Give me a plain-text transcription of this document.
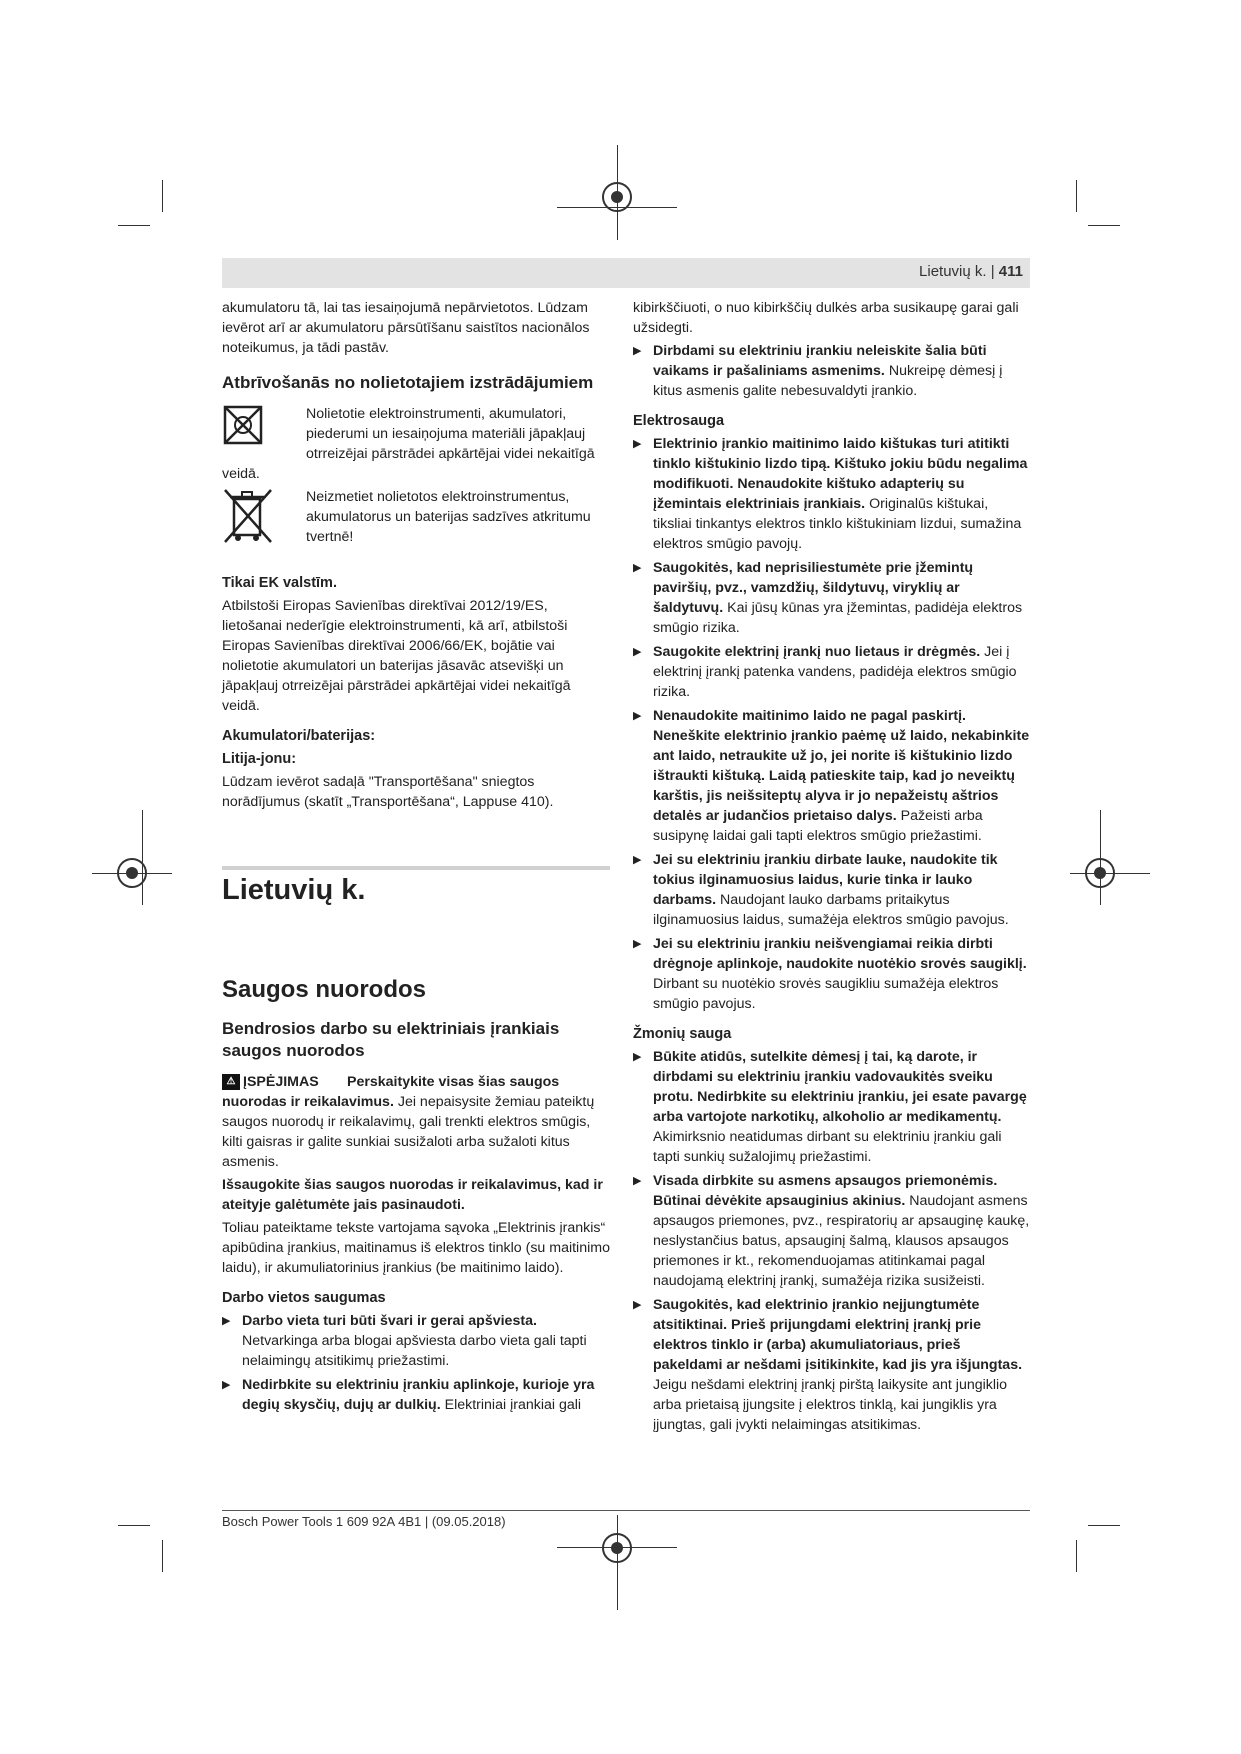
Lietuvių k. | 411

akumulatoru tā, lai tas iesaiņojumā nepārvietotos. Lūdzam ievērot arī ar akumulatoru pārsūtīšanu saistītos nacionālos noteikumus, ja tādi pastāv.

Atbrīvošanās no nolietotajiem izstrādājumiem

Nolietotie elektroinstrumenti, akumulatori, piederumi un iesaiņojuma materiāli jāpakļauj otrreizējai pārstrādei apkārtējai videi nekaitīgā

veidā.

Neizmetiet nolietotos elektroinstrumentus, akumulatorus un baterijas sadzīves atkritumu tvertnē!

Tikai EK valstīm.

Atbilstoši Eiropas Savienības direktīvai 2012/19/ES, lietošanai nederīgie elektroinstrumenti, kā arī, atbilstoši Eiropas Savienības direktīvai 2006/66/EK, bojātie vai nolietotie akumulatori un baterijas jāsavāc atsevišķi un jāpakļauj otrreizējai pārstrādei apkārtējai videi nekaitīgā veidā.

Akumulatori/baterijas:
Litija-jonu:

Lūdzam ievērot sadaļā "Transportēšana" sniegtos norādījumus (skatīt „Transportēšana“, Lappuse 410).

Lietuvių k.
Saugos nuorodos
Bendrosios darbo su elektriniais įrankiais saugos nuorodos

⚠ ĮSPĖJIMAS Perskaitykite visas šias saugos nuorodas ir reikalavimus. Jei nepaisysite žemiau pateiktų saugos nuorodų ir reikalavimų, gali trenkti elektros smūgis, kilti gaisras ir galite sunkiai susižaloti arba sužaloti kitus asmenis.

Išsaugokite šias saugos nuorodas ir reikalavimus, kad ir ateityje galėtumėte jais pasinaudoti.

Toliau pateiktame tekste vartojama sąvoka „Elektrinis įrankis“ apibūdina įrankius, maitinamus iš elektros tinklo (su maitinimo laidu), ir akumuliatorinius įrankius (be maitinimo laido).

Darbo vietos saugumas
▶ Darbo vieta turi būti švari ir gerai apšviesta. Netvarkinga arba blogai apšviesta darbo vieta gali tapti nelaimingų atsitikimų priežastimi.
▶ Nedirbkite su elektriniu įrankiu aplinkoje, kurioje yra degių skysčių, dujų ar dulkių. Elektriniai įrankiai gali

kibirkščiuoti, o nuo kibirkščių dulkės arba susikaupę garai gali užsidegti.

▶ Dirbdami su elektriniu įrankiu neleiskite šalia būti vaikams ir pašaliniams asmenims. Nukreipę dėmesį į kitus asmenis galite nebesuvaldyti įrankio.
Elektrosauga
▶ Elektrinio įrankio maitinimo laido kištukas turi atitikti tinklo kištukinio lizdo tipą. Kištuko jokiu būdu negalima modifikuoti. Nenaudokite kištuko adapterių su įžemintais elektriniais įrankiais. Originalūs kištukai, tiksliai tinkantys elektros tinklo kištukiniam lizdui, sumažina elektros smūgio pavojų.
▶ Saugokitės, kad neprisiliestumėte prie įžemintų paviršių, pvz., vamzdžių, šildytuvų, viryklių ar šaldytuvų. Kai jūsų kūnas yra įžemintas, padidėja elektros smūgio rizika.
▶ Saugokite elektrinį įrankį nuo lietaus ir drėgmės. Jei į elektrinį įrankį patenka vandens, padidėja elektros smūgio rizika.
▶ Nenaudokite maitinimo laido ne pagal paskirtį. Neneškite elektrinio įrankio paėmę už laido, nekabinkite ant laido, netraukite už jo, jei norite iš kištukinio lizdo ištraukti kištuką. Laidą patieskite taip, kad jo neveiktų karštis, jis neišsiteptų alyva ir jo nepažeistų aštrios detalės ar judančios prietaiso dalys. Pažeisti arba susipynę laidai gali tapti elektros smūgio priežastimi.
▶ Jei su elektriniu įrankiu dirbate lauke, naudokite tik tokius ilginamuosius laidus, kurie tinka ir lauko darbams. Naudojant lauko darbams pritaikytus ilginamuosius laidus, sumažėja elektros smūgio pavojus.
▶ Jei su elektriniu įrankiu neišvengiamai reikia dirbti drėgnoje aplinkoje, naudokite nuotėkio srovės saugiklį. Dirbant su nuotėkio srovės saugikliu sumažėja elektros smūgio pavojus.
Žmonių sauga
▶ Būkite atidūs, sutelkite dėmesį į tai, ką darote, ir dirbdami su elektriniu įrankiu vadovaukitės sveiku protu. Nedirbkite su elektriniu įrankiu, jei esate pavargę arba vartojote narkotikų, alkoholio ar medikamentų. Akimirksnio neatidumas dirbant su elektriniu įrankiu gali tapti sunkių sužalojimų priežastimi.
▶ Visada dirbkite su asmens apsaugos priemonėmis. Būtinai dėvėkite apsauginius akinius. Naudojant asmens apsaugos priemones, pvz., respiratorių ar apsauginę kaukę, neslystančius batus, apsauginį šalmą, klausos apsaugos priemones ir kt., rekomenduojamas atitinkamai pagal naudojamą elektrinį įrankį, sumažėja rizika susižeisti.
▶ Saugokitės, kad elektrinio įrankio neįjungtumėte atsitiktinai. Prieš prijungdami elektrinį įrankį prie elektros tinklo ir (arba) akumuliatoriaus, prieš pakeldami ar nešdami įsitikinkite, kad jis yra išjungtas. Jeigu nešdami elektrinį įrankį pirštą laikysite ant jungiklio arba prietaisą įjungsite į elektros tinklą, kai jungiklis yra įjungtas, gali įvykti nelaimingas atsitikimas.
Bosch Power Tools 1 609 92A 4B1 | (09.05.2018)
